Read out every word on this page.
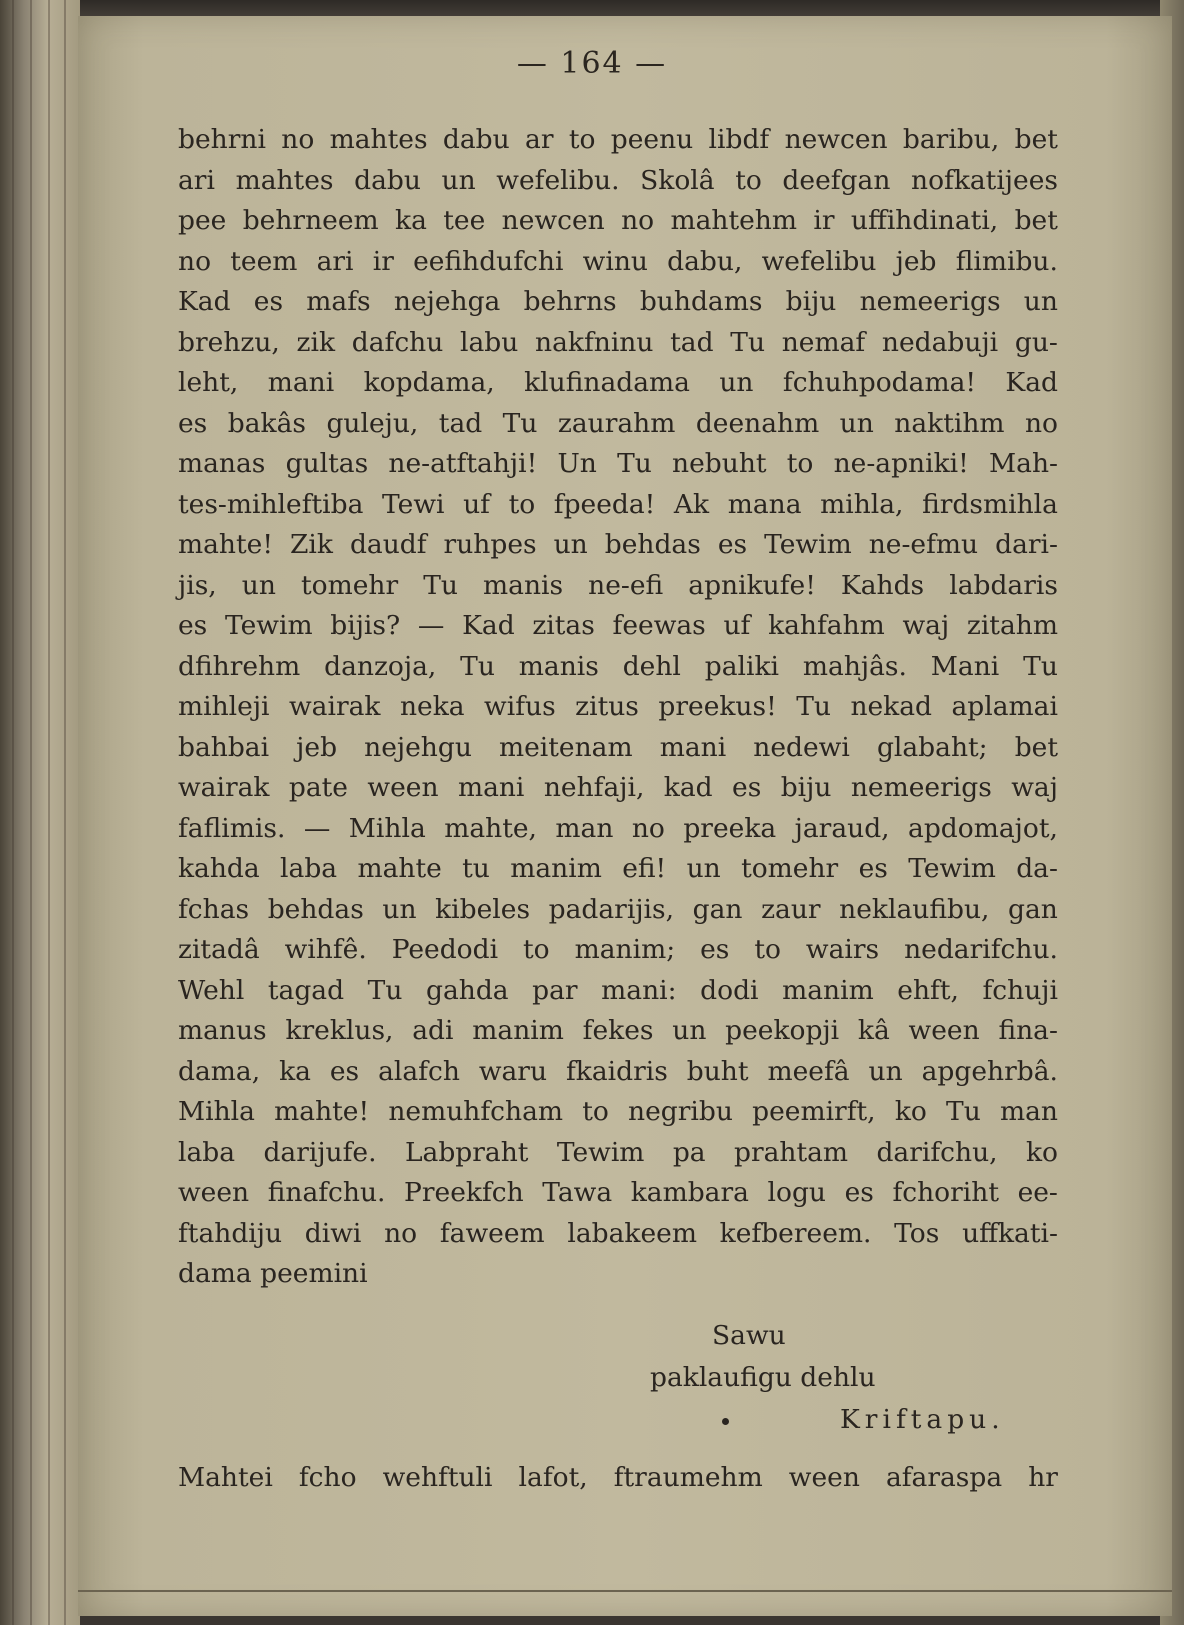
— 164 —
behrni no mahtes dabu ar to peenu libdf newcen baribu, bet
ari mahtes dabu un wefelibu. Skolâ to deefgan nofkatijees
pee behrneem ka tee newcen no mahtehm ir uffihdinati, bet
no teem ari ir eefihdufchi winu dabu, wefelibu jeb flimibu.
Kad es mafs nejehga behrns buhdams biju nemeerigs un
brehzu, zik dafchu labu nakfninu tad Tu nemaf nedabuji gu-
leht, mani kopdama, klufinadama un fchuhpodama! Kad
es bakâs guleju, tad Tu zaurahm deenahm un naktihm no
manas gultas ne-atftahji! Un Tu nebuht to ne-apniki! Mah-
tes-mihleftiba Tewi uf to fpeeda! Ak mana mihla, firdsmihla
mahte! Zik daudf ruhpes un behdas es Tewim ne-efmu dari-
jis, un tomehr Tu manis ne-efi apnikufe! Kahds labdaris
es Tewim bijis? — Kad zitas feewas uf kahfahm waj zitahm
dfihrehm danzoja, Tu manis dehl paliki mahjâs. Mani Tu
mihleji wairak neka wifus zitus preekus! Tu nekad aplamai
bahbai jeb nejehgu meitenam mani nedewi glabaht; bet
wairak pate ween mani nehfaji, kad es biju nemeerigs waj
faflimis. — Mihla mahte, man no preeka jaraud, apdomajot,
kahda laba mahte tu manim efi! un tomehr es Tewim da-
fchas behdas un kibeles padarijis, gan zaur neklaufibu, gan
zitadâ wihfê. Peedodi to manim; es to wairs nedarifchu.
Wehl tagad Tu gahda par mani: dodi manim ehft, fchuji
manus kreklus, adi manim fekes un peekopji kâ ween fina-
dama, ka es alafch waru fkaidris buht meefâ un apgehrbâ.
Mihla mahte! nemuhfcham to negribu peemirft, ko Tu man
laba darijufe. Labpraht Tewim pa prahtam darifchu, ko
ween finafchu. Preekfch Tawa kambara logu es fchoriht ee-
ftahdiju diwi no faweem labakeem kefbereem. Tos uffkati-
dama peemini
Sawu
paklaufigu dehlu
Kriftapu.
Mahtei fcho wehftuli lafot, ftraumehm ween afaraspa hr
